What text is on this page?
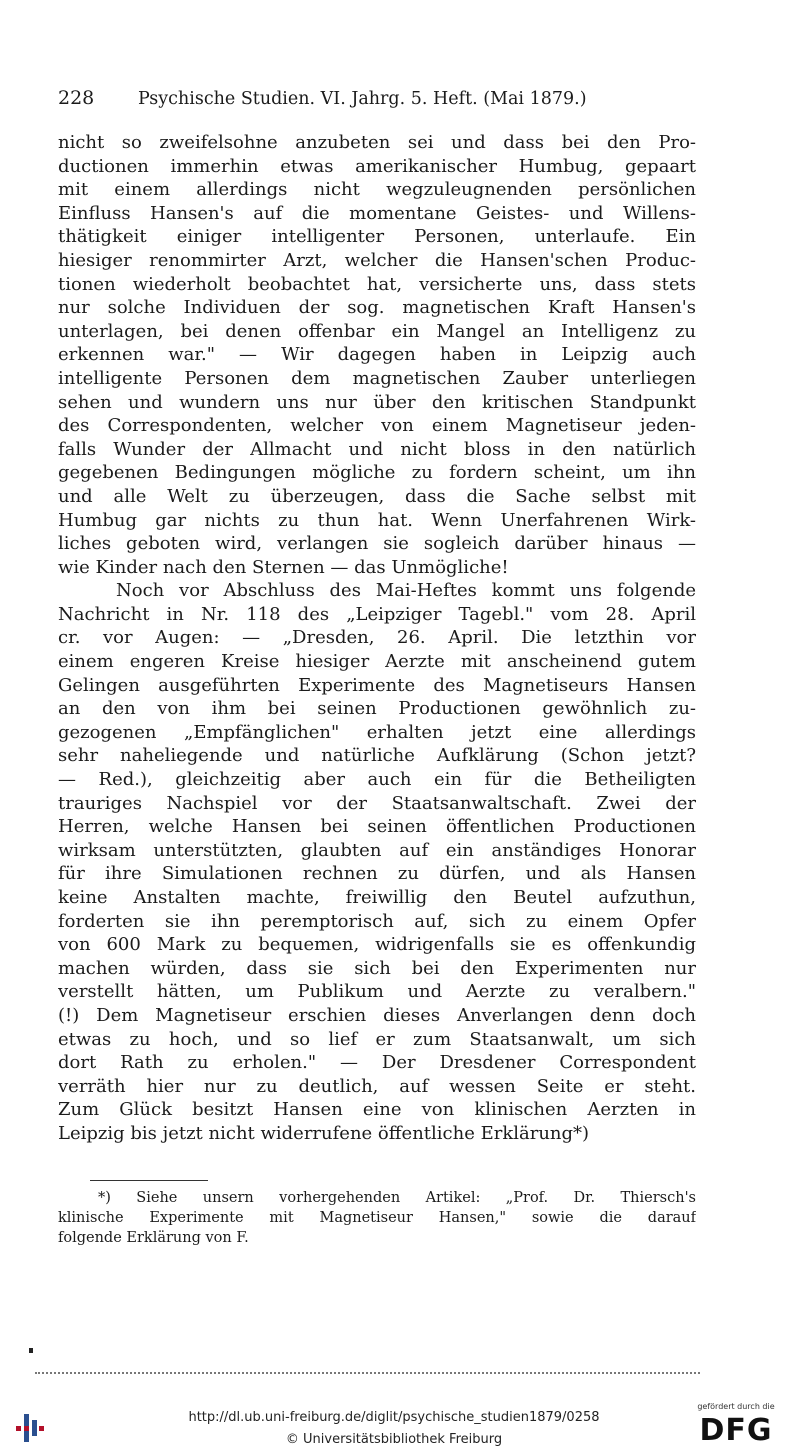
228 Psychische Studien. VI. Jahrg. 5. Heft. (Mai 1879.)
nicht so zweifelsohne anzubeten sei und dass bei den Pro-
ductionen immerhin etwas amerikanischer Humbug, gepaart
mit einem allerdings nicht wegzuleugnenden persönlichen
Einfluss Hansen's auf die momentane Geistes- und Willens-
thätigkeit einiger intelligenter Personen, unterlaufe. Ein
hiesiger renommirter Arzt, welcher die Hansen'schen Produc-
tionen wiederholt beobachtet hat, versicherte uns, dass stets
nur solche Individuen der sog. magnetischen Kraft Hansen's
unterlagen, bei denen offenbar ein Mangel an Intelligenz zu
erkennen war." — Wir dagegen haben in Leipzig auch
intelligente Personen dem magnetischen Zauber unterliegen
sehen und wundern uns nur über den kritischen Standpunkt
des Correspondenten, welcher von einem Magnetiseur jeden-
falls Wunder der Allmacht und nicht bloss in den natürlich
gegebenen Bedingungen mögliche zu fordern scheint, um ihn
und alle Welt zu überzeugen, dass die Sache selbst mit
Humbug gar nichts zu thun hat. Wenn Unerfahrenen Wirk-
liches geboten wird, verlangen sie sogleich darüber hinaus —
wie Kinder nach den Sternen — das Unmögliche!
Noch vor Abschluss des Mai-Heftes kommt uns folgende
Nachricht in Nr. 118 des „Leipziger Tagebl." vom 28. April
cr. vor Augen: — „Dresden, 26. April. Die letzthin vor
einem engeren Kreise hiesiger Aerzte mit anscheinend gutem
Gelingen ausgeführten Experimente des Magnetiseurs Hansen
an den von ihm bei seinen Productionen gewöhnlich zu-
gezogenen „Empfänglichen" erhalten jetzt eine allerdings
sehr naheliegende und natürliche Aufklärung (Schon jetzt?
— Red.), gleichzeitig aber auch ein für die Betheiligten
trauriges Nachspiel vor der Staatsanwaltschaft. Zwei der
Herren, welche Hansen bei seinen öffentlichen Productionen
wirksam unterstützten, glaubten auf ein anständiges Honorar
für ihre Simulationen rechnen zu dürfen, und als Hansen
keine Anstalten machte, freiwillig den Beutel aufzuthun,
forderten sie ihn peremptorisch auf, sich zu einem Opfer
von 600 Mark zu bequemen, widrigenfalls sie es offenkundig
machen würden, dass sie sich bei den Experimenten nur
verstellt hätten, um Publikum und Aerzte zu veralbern."
(!) Dem Magnetiseur erschien dieses Anverlangen denn doch
etwas zu hoch, und so lief er zum Staatsanwalt, um sich
dort Rath zu erholen." — Der Dresdener Correspondent
verräth hier nur zu deutlich, auf wessen Seite er steht.
Zum Glück besitzt Hansen eine von klinischen Aerzten in
Leipzig bis jetzt nicht widerrufene öffentliche Erklärung*)
*) Siehe unsern vorhergehenden Artikel: „Prof. Dr. Thiersch's
klinische Experimente mit Magnetiseur Hansen," sowie die darauf
folgende Erklärung von F.
http://dl.ub.uni-freiburg.de/diglit/psychische_studien1879/0258
© Universitätsbibliothek Freiburg
gefördert durch die
DFG
